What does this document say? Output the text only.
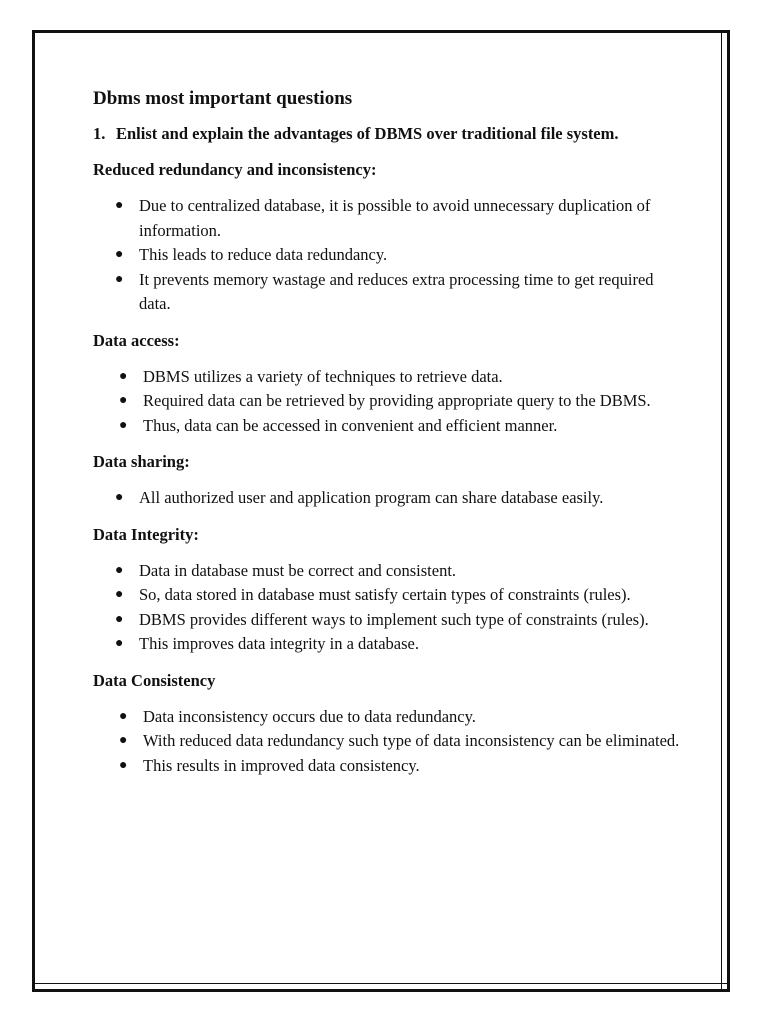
Dbms most important questions
1. Enlist and explain the advantages of DBMS over traditional file system.
Reduced redundancy and inconsistency:
● Due to centralized database, it is possible to avoid unnecessary duplication of information.
● This leads to reduce data redundancy.
● It prevents memory wastage and reduces extra processing time to get required data.
Data access:
● DBMS utilizes a variety of techniques to retrieve data.
● Required data can be retrieved by providing appropriate query to the DBMS.
● Thus, data can be accessed in convenient and efficient manner.
Data sharing:
● All authorized user and application program can share database easily.
Data Integrity:
● Data in database must be correct and consistent.
● So, data stored in database must satisfy certain types of constraints (rules).
● DBMS provides different ways to implement such type of constraints (rules).
● This improves data integrity in a database.
Data Consistency
● Data inconsistency occurs due to data redundancy.
● With reduced data redundancy such type of data inconsistency can be eliminated.
● This results in improved data consistency.
